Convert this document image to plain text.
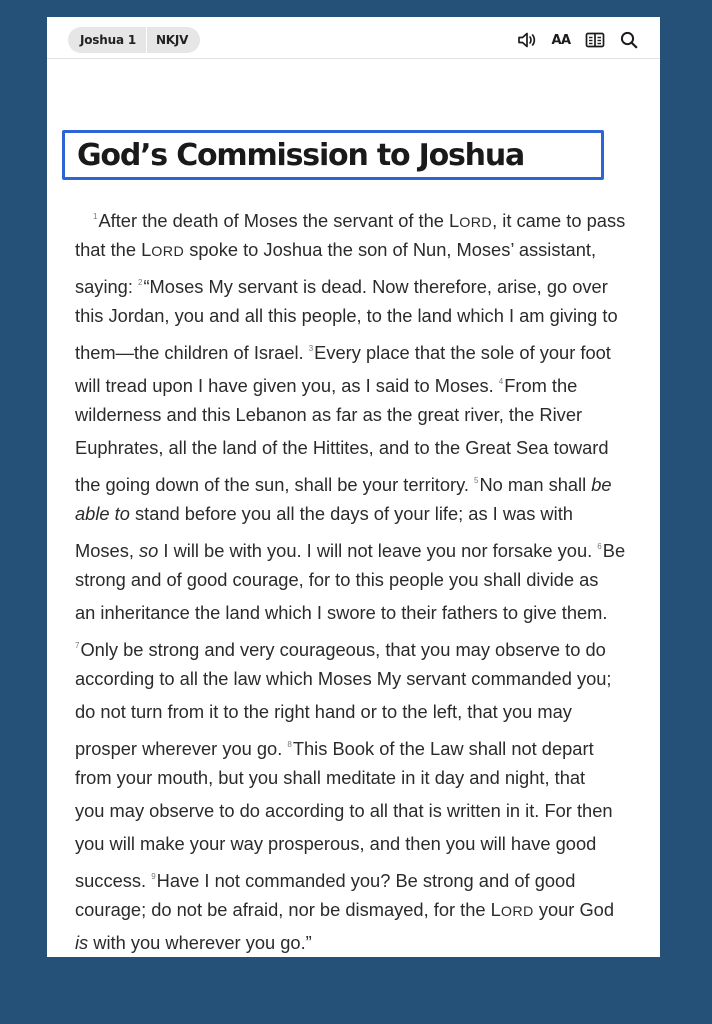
Joshua 1	NKJV	AA
God’s Commission to Joshua
$^1$After the death of Moses the servant of the LORD, it came to pass
that the LORD spoke to Joshua the son of Nun, Moses’ assistant,
saying: $^2$“Moses My servant is dead. Now therefore, arise, go over
this Jordan, you and all this people, to the land which I am giving to
them—the children of Israel. $^3$Every place that the sole of your foot
will tread upon I have given you, as I said to Moses. $^4$From the
wilderness and this Lebanon as far as the great river, the River
Euphrates, all the land of the Hittites, and to the Great Sea toward
the going down of the sun, shall be your territory. $^5$No man shall be
able to stand before you all the days of your life; as I was with
Moses, so I will be with you. I will not leave you nor forsake you. $^6$Be
strong and of good courage, for to this people you shall divide as
an inheritance the land which I swore to their fathers to give them.
$^7$Only be strong and very courageous, that you may observe to do
according to all the law which Moses My servant commanded you;
do not turn from it to the right hand or to the left, that you may
prosper wherever you go. $^8$This Book of the Law shall not depart
from your mouth, but you shall meditate in it day and night, that
you may observe to do according to all that is written in it. For then
you will make your way prosperous, and then you will have good
success. $^9$Have I not commanded you? Be strong and of good
courage; do not be afraid, nor be dismayed, for the LORD your God
is with you wherever you go.”
